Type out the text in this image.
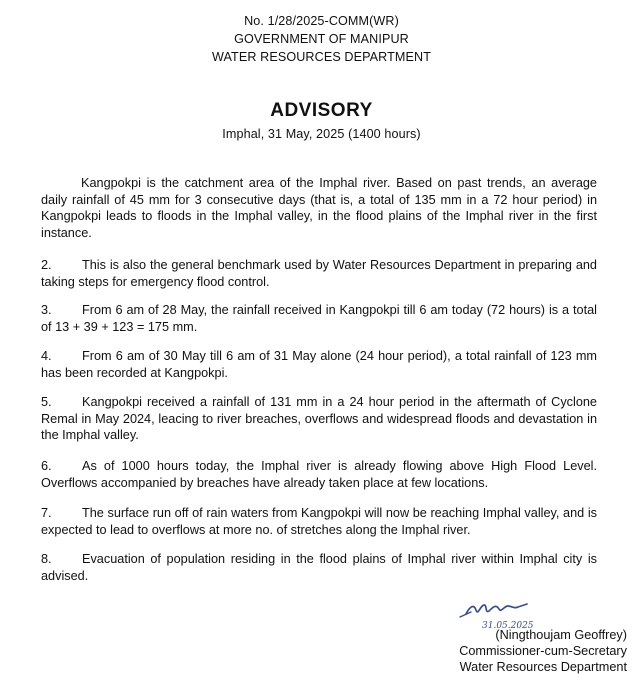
No. 1/28/2025-COMM(WR)
GOVERNMENT OF MANIPUR
WATER RESOURCES DEPARTMENT
ADVISORY
Imphal, 31 May, 2025 (1400 hours)
Kangpokpi is the catchment area of the Imphal river. Based on past trends, an average daily rainfall of 45 mm for 3 consecutive days (that is, a total of 135 mm in a 72 hour period) in Kangpokpi leads to floods in the Imphal valley, in the flood plains of the Imphal river in the first instance.
2. This is also the general benchmark used by Water Resources Department in preparing and taking steps for emergency flood control.
3. From 6 am of 28 May, the rainfall received in Kangpokpi till 6 am today (72 hours) is a total of 13 + 39 + 123 = 175 mm.
4. From 6 am of 30 May till 6 am of 31 May alone (24 hour period), a total rainfall of 123 mm has been recorded at Kangpokpi.
5. Kangpokpi received a rainfall of 131 mm in a 24 hour period in the aftermath of Cyclone Remal in May 2024, leacing to river breaches, overflows and widespread floods and devastation in the Imphal valley.
6. As of 1000 hours today, the Imphal river is already flowing above High Flood Level. Overflows accompanied by breaches have already taken place at few locations.
7. The surface run off of rain waters from Kangpokpi will now be reaching Imphal valley, and is expected to lead to overflows at more no. of stretches along the Imphal river.
8. Evacuation of population residing in the flood plains of Imphal river within Imphal city is advised.
31.05.2025
(Ningthoujam Geoffrey)
Commissioner-cum-Secretary
Water Resources Department
